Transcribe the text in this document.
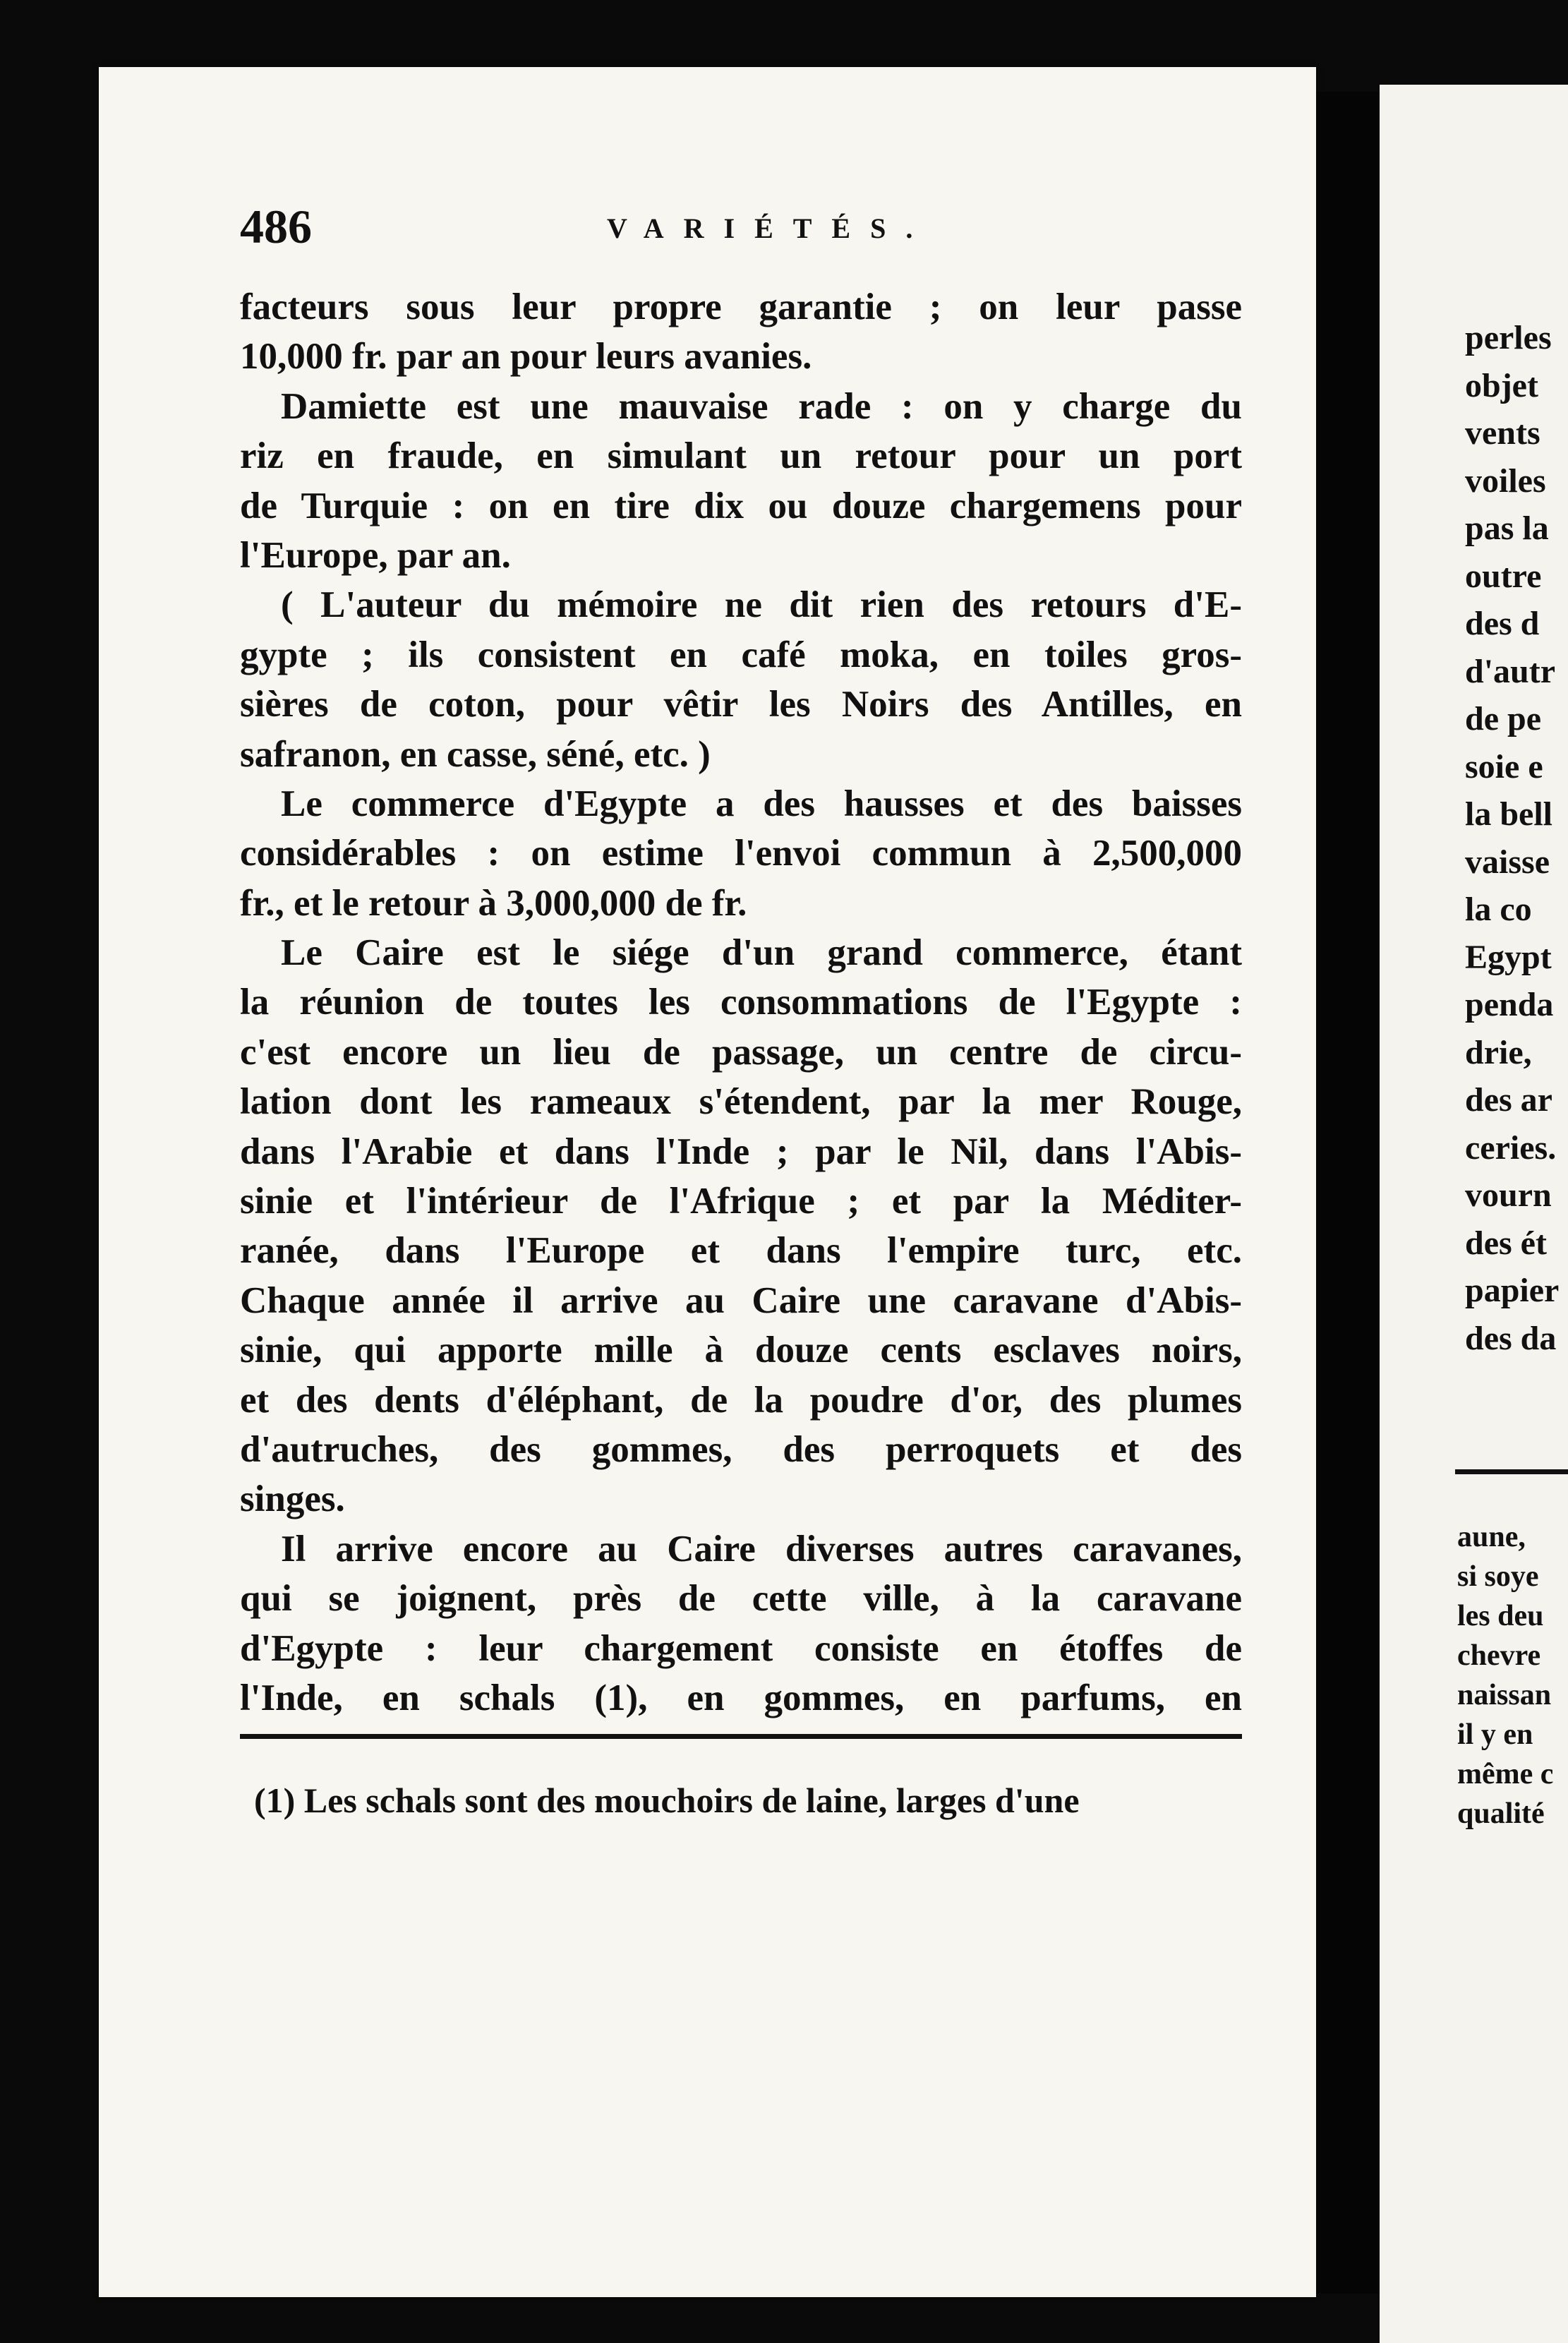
486	VARIÉTÉS.
facteurs sous leur propre garantie ; on leur passe
10,000 fr. par an pour leurs avanies.
Damiette est une mauvaise rade : on y charge du
riz en fraude, en simulant un retour pour un port
de Turquie : on en tire dix ou douze chargemens pour
l'Europe, par an.
( L'auteur du mémoire ne dit rien des retours d'E-
gypte ; ils consistent en café moka, en toiles gros-
sières de coton, pour vêtir les Noirs des Antilles, en
safranon, en casse, séné, etc. )
Le commerce d'Egypte a des hausses et des baisses
considérables : on estime l'envoi commun à 2,500,000
fr., et le retour à 3,000,000 de fr.
Le Caire est le siége d'un grand commerce, étant
la réunion de toutes les consommations de l'Egypte :
c'est encore un lieu de passage, un centre de circu-
lation dont les rameaux s'étendent, par la mer Rouge,
dans l'Arabie et dans l'Inde ; par le Nil, dans l'Abis-
sinie et l'intérieur de l'Afrique ; et par la Méditer-
ranée, dans l'Europe et dans l'empire turc, etc.
Chaque année il arrive au Caire une caravane d'Abis-
sinie, qui apporte mille à douze cents esclaves noirs,
et des dents d'éléphant, de la poudre d'or, des plumes
d'autruches, des gommes, des perroquets et des
singes.
Il arrive encore au Caire diverses autres caravanes,
qui se joignent, près de cette ville, à la caravane
d'Egypte : leur chargement consiste en étoffes de
l'Inde, en schals (1), en gommes, en parfums, en
(1) Les schals sont des mouchoirs de laine, larges d'une
perles
objet
vents
voiles
pas la
outre
des d
d'autr
de pe
soie e
la bell
vaisse
la co
Egypt
penda
drie,
des ar
ceries.
vourn
des ét
papier
des da
aune,
si soye
les deu
chevre
naissan
il y en
même c
qualité
